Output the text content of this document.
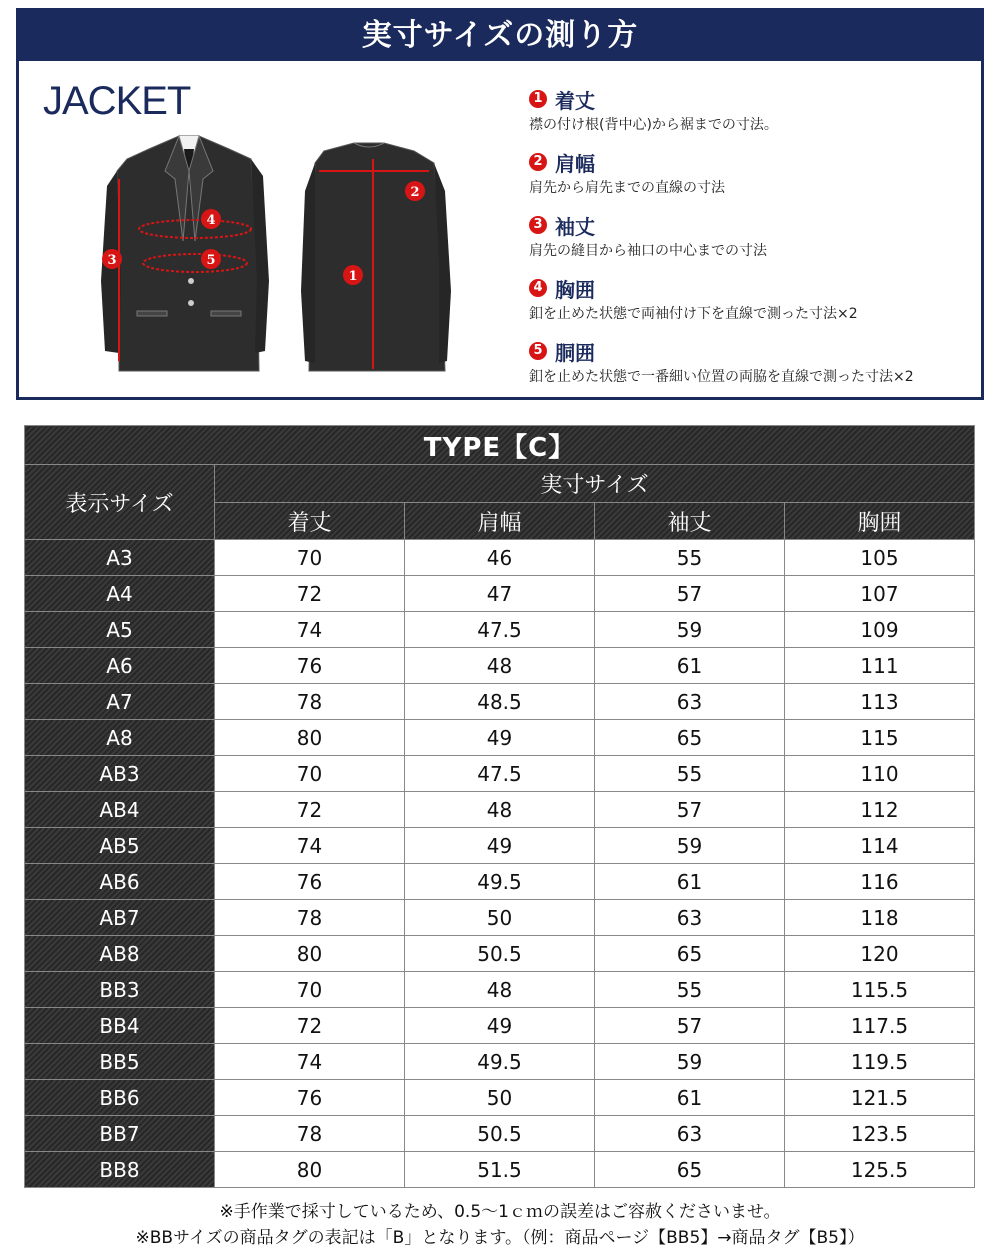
実寸サイズの測り方
JACKET
3
4
5
1
2
1 着丈
襟の付け根(背中心)から裾までの寸法。
2 肩幅
肩先から肩先までの直線の寸法
3 袖丈
肩先の縫目から袖口の中心までの寸法
4 胸囲
釦を止めた状態で両袖付け下を直線で測った寸法×2
5 胴囲
釦を止めた状態で一番細い位置の両脇を直線で測った寸法×2
TYPE【C】				
表示サイズ	実寸サイズ			
	着丈	肩幅	袖丈	胸囲
A3	70	46	55	105
A4	72	47	57	107
A5	74	47.5	59	109
A6	76	48	61	111
A7	78	48.5	63	113
A8	80	49	65	115
AB3	70	47.5	55	110
AB4	72	48	57	112
AB5	74	49	59	114
AB6	76	49.5	61	116
AB7	78	50	63	118
AB8	80	50.5	65	120
BB3	70	48	55	115.5
BB4	72	49	57	117.5
BB5	74	49.5	59	119.5
BB6	76	50	61	121.5
BB7	78	50.5	63	123.5
BB8	80	51.5	65	125.5
※手作業で採寸しているため、0.5～1ｃｍの誤差はご容赦くださいませ。
※BBサイズの商品タグの表記は「B」となります。（例：商品ページ【BB5】→商品タグ【B5】）
